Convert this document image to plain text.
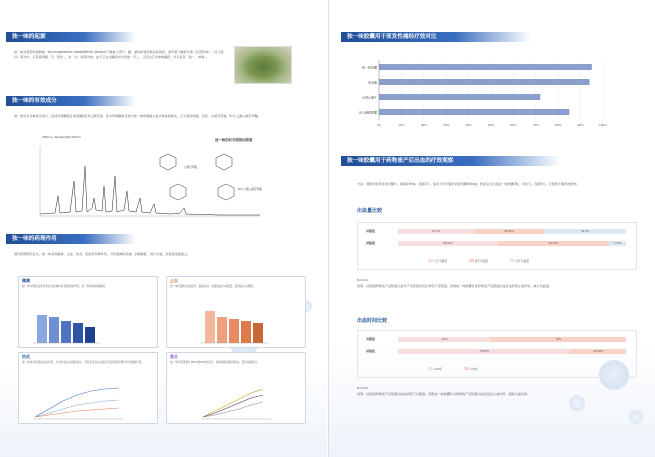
独一味的起源
独一味为唇形科植物独一味Lamiophlomis rotata(Benth.)Kudo的干燥地上部分。藏、蒙钠药等民族民间用药，最早载于藏医名著《四部医典》、《月王药诊》等书中，记有固骨髓、引「黄水」，治「龙」病等功效。由于它在众藏药中仍然独一无二，又因为它为单味藏药，所以有其「独一、单味」。
独一味的有效成分
独一味含有多种化学成分，包括环烯醚萜苷类/黄酮类/苯乙醇苷类。其中环烯醚萜苷类与独一味的镇痛止血功效直接相关，且专属性较强，包括：山栀苷甲酯，8-O-乙酰山栀苷甲酯。
VWD1 A, Wavelength=235nm
独一味药材对照指纹图谱
山栀苷甲酯
8-O-乙酰山栀苷甲酯
独一味的药理作用
现代药理研究证实，独一味具有镇痛、止血、抗炎、免疫等多种作用，可有效减轻疼痛、消除肿胀、减少出血，并促进创面愈合。
镇痛
独一味对慢性炎性和急性炎性痛均有显著抑制作用，是一种有效的镇痛药。
止血
独一味可缩短出血时间、凝血时间；能提高血小板数量，促进血小板聚集。
抗炎
独一味具有明显的抗炎作用，对急性炎症出现的渗出、水肿及亚急性炎症所引起的组织增生均有抑制作用。
愈合
独一味可显著提升VEGF和EGF的表达，加速创面血管的形成，促进创面愈合。
独一味胶囊用于原发性痛经疗效对比
0%	10%	20%	30%	40%	50%	60%	70%	80%	90%	100%
独一味胶囊
消炎痛
元胡止痛片
田七痛经胶囊
独一味胶囊用于药物流产后出血的疗效观察
方法：两组均使用米非司酮片，顿服25mg，连服3天。第四天早空腹米索前列醇600ug，药流后当日起独一味胶囊3粒，3次/天，连服5天。对照组不服用此药物。
出血量比较
对照组	33.3%	30.80%	35.9%
试验组	43.80%	48.70%	7.70%
少于月经量	等于月经量	多于月经量
P<0.01
结果：试验组药物流产后阴道出血多于月经量的发生率低于对照组。表明独一味胶囊针对药物流产后阴道出血有良好的止血作用，减少出血量。
出血时间比较
对照组	41%	59%
试验组	75.60%	24.40%
≤10天	>10天
P<0.01
结果：试验组药物流产后阴道出血时间短于对照组。表明独一味胶囊针对药物流产后阴道出血有良好止血作用，缩短出血时间。
